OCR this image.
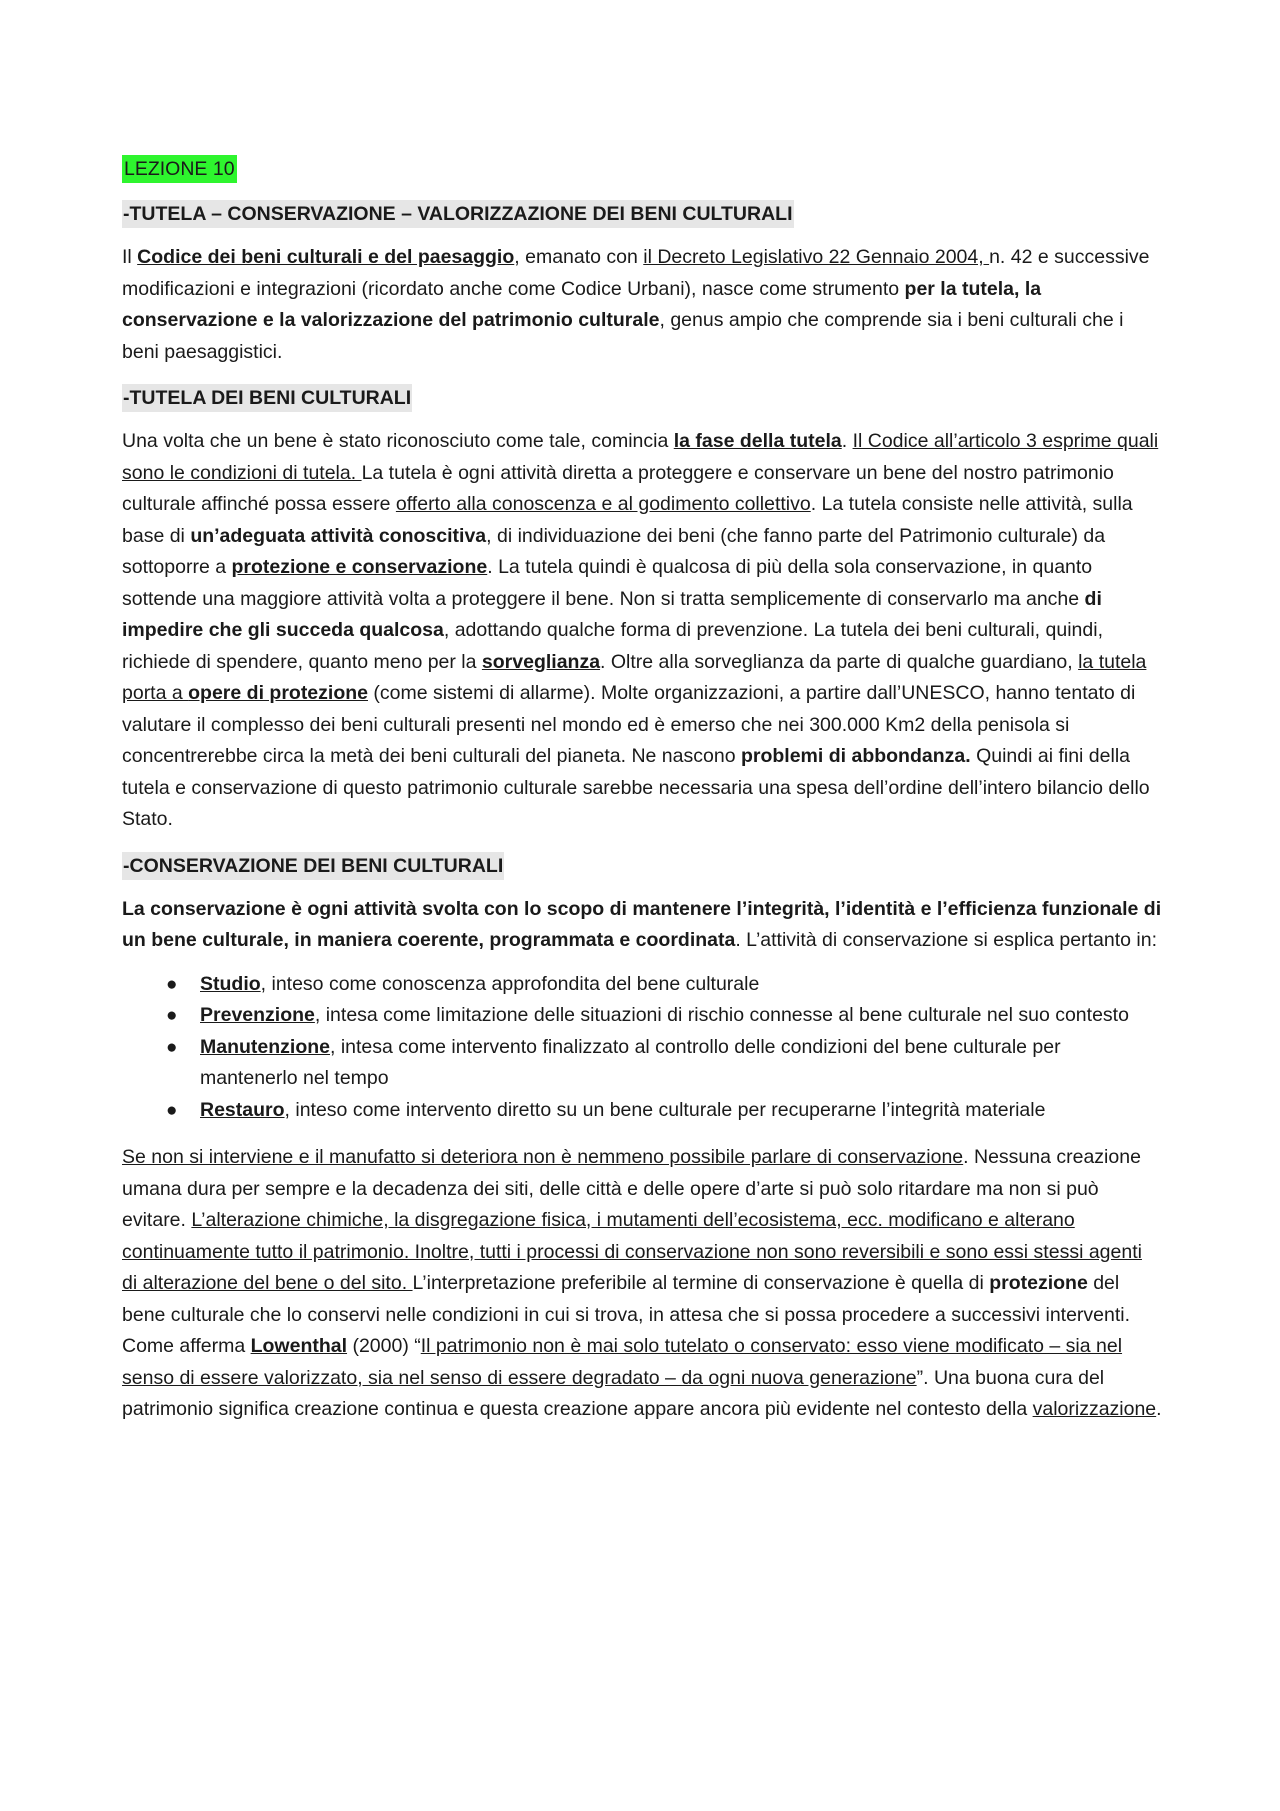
LEZIONE 10
-TUTELA – CONSERVAZIONE – VALORIZZAZIONE DEI BENI CULTURALI

Il Codice dei beni culturali e del paesaggio, emanato con il Decreto Legislativo 22 Gennaio 2004, n. 42 e successive modificazioni e integrazioni (ricordato anche come Codice Urbani), nasce come strumento per la tutela, la conservazione e la valorizzazione del patrimonio culturale, genus ampio che comprende sia i beni culturali che i beni paesaggistici.

-TUTELA DEI BENI CULTURALI

Una volta che un bene è stato riconosciuto come tale, comincia la fase della tutela. Il Codice all’articolo 3 esprime quali sono le condizioni di tutela. La tutela è ogni attività diretta a proteggere e conservare un bene del nostro patrimonio culturale affinché possa essere offerto alla conoscenza e al godimento collettivo. La tutela consiste nelle attività, sulla base di un’adeguata attività conoscitiva, di individuazione dei beni (che fanno parte del Patrimonio culturale) da sottoporre a protezione e conservazione. La tutela quindi è qualcosa di più della sola conservazione, in quanto sottende una maggiore attività volta a proteggere il bene. Non si tratta semplicemente di conservarlo ma anche di impedire che gli succeda qualcosa, adottando qualche forma di prevenzione. La tutela dei beni culturali, quindi, richiede di spendere, quanto meno per la sorveglianza. Oltre alla sorveglianza da parte di qualche guardiano, la tutela porta a opere di protezione (come sistemi di allarme). Molte organizzazioni, a partire dall’UNESCO, hanno tentato di valutare il complesso dei beni culturali presenti nel mondo ed è emerso che nei 300.000 Km2 della penisola si concentrerebbe circa la metà dei beni culturali del pianeta. Ne nascono problemi di abbondanza. Quindi ai fini della tutela e conservazione di questo patrimonio culturale sarebbe necessaria una spesa dell’ordine dell’intero bilancio dello Stato.

-CONSERVAZIONE DEI BENI CULTURALI

La conservazione è ogni attività svolta con lo scopo di mantenere l’integrità, l’identità e l’efficienza funzionale di un bene culturale, in maniera coerente, programmata e coordinata. L’attività di conservazione si esplica pertanto in:

● Studio, inteso come conoscenza approfondita del bene culturale
● Prevenzione, intesa come limitazione delle situazioni di rischio connesse al bene culturale nel suo contesto
● Manutenzione, intesa come intervento finalizzato al controllo delle condizioni del bene culturale per mantenerlo nel tempo
● Restauro, inteso come intervento diretto su un bene culturale per recuperarne l’integrità materiale

Se non si interviene e il manufatto si deteriora non è nemmeno possibile parlare di conservazione. Nessuna creazione umana dura per sempre e la decadenza dei siti, delle città e delle opere d’arte si può solo ritardare ma non si può evitare. L’alterazione chimiche, la disgregazione fisica, i mutamenti dell’ecosistema, ecc. modificano e alterano continuamente tutto il patrimonio. Inoltre, tutti i processi di conservazione non sono reversibili e sono essi stessi agenti di alterazione del bene o del sito. L’interpretazione preferibile al termine di conservazione è quella di protezione del bene culturale che lo conservi nelle condizioni in cui si trova, in attesa che si possa procedere a successivi interventi. Come afferma Lowenthal (2000) “Il patrimonio non è mai solo tutelato o conservato: esso viene modificato – sia nel senso di essere valorizzato, sia nel senso di essere degradato – da ogni nuova generazione”. Una buona cura del patrimonio significa creazione continua e questa creazione appare ancora più evidente nel contesto della valorizzazione.
